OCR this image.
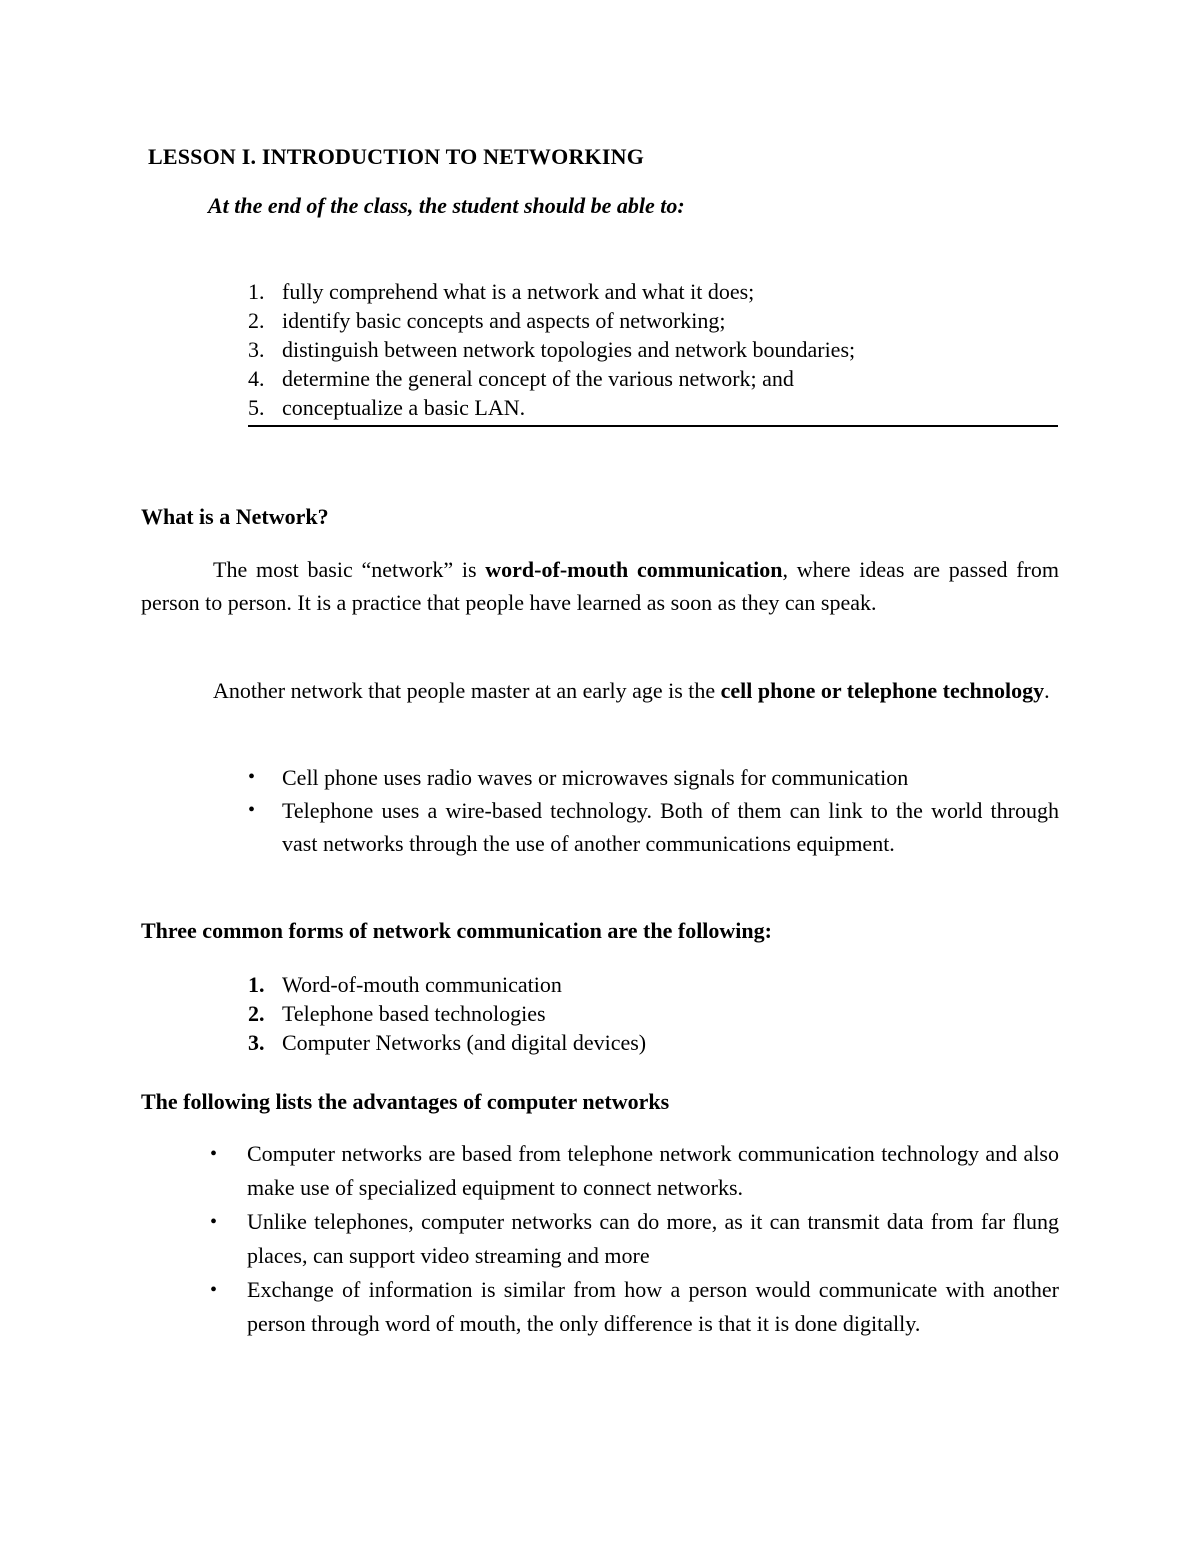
LESSON I. INTRODUCTION TO NETWORKING
At the end of the class, the student should be able to:
1. fully comprehend what is a network and what it does;
2. identify basic concepts and aspects of networking;
3. distinguish between network topologies and network boundaries;
4. determine the general concept of the various network; and
5. conceptualize a basic LAN.
What is a Network?
The most basic “network” is word-of-mouth communication, where ideas are passed from person to person. It is a practice that people have learned as soon as they can speak.
Another network that people master at an early age is the cell phone or telephone technology.
• Cell phone uses radio waves or microwaves signals for communication
• Telephone uses a wire-based technology. Both of them can link to the world through vast networks through the use of another communications equipment.
Three common forms of network communication are the following:
1. Word-of-mouth communication
2. Telephone based technologies
3. Computer Networks (and digital devices)
The following lists the advantages of computer networks
• Computer networks are based from telephone network communication technology and also make use of specialized equipment to connect networks.
• Unlike telephones, computer networks can do more, as it can transmit data from far flung places, can support video streaming and more
• Exchange of information is similar from how a person would communicate with another person through word of mouth, the only difference is that it is done digitally.
